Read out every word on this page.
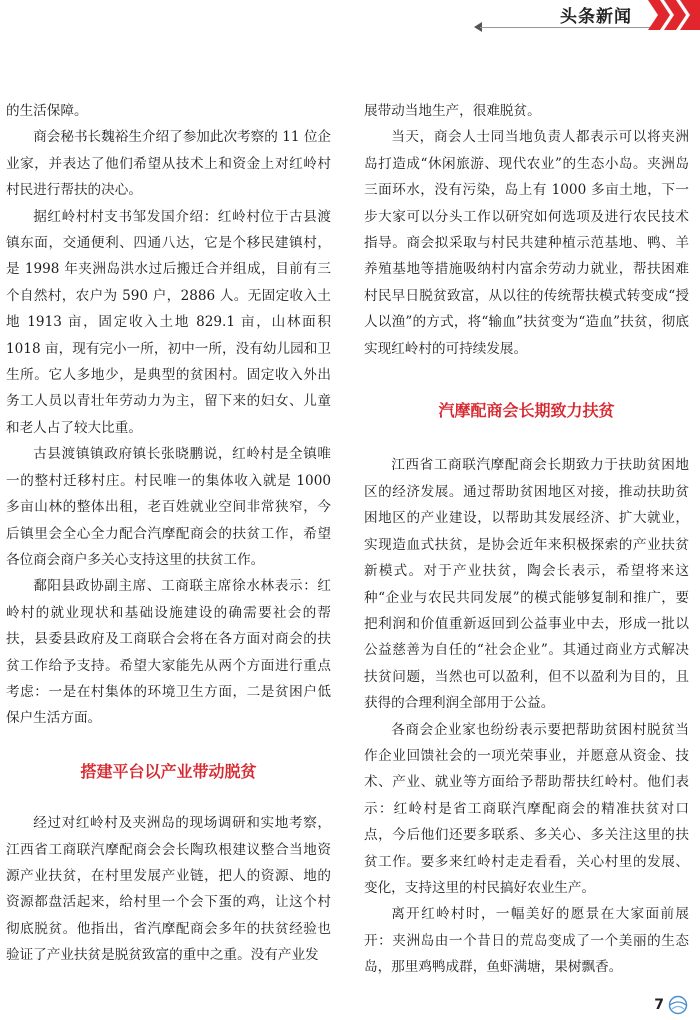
头条新闻

的生活保障。

商会秘书长魏裕生介绍了参加此次考察的 11 位企业家，并表达了他们希望从技术上和资金上对红岭村村民进行帮扶的决心。

据红岭村村支书邹发国介绍：红岭村位于古县渡镇东面，交通便利、四通八达，它是个移民建镇村，是 1998 年夹洲岛洪水过后搬迁合并组成，目前有三个自然村，农户为 590 户，2886 人。无固定收入土地 1913 亩，固定收入土地 829.1 亩，山林面积 1018 亩，现有完小一所，初中一所，没有幼儿园和卫生所。它人多地少，是典型的贫困村。固定收入外出务工人员以青壮年劳动力为主，留下来的妇女、儿童和老人占了较大比重。

古县渡镇镇政府镇长张晓鹏说，红岭村是全镇唯一的整村迁移村庄。村民唯一的集体收入就是 1000 多亩山林的整体出租，老百姓就业空间非常狭窄，今后镇里会全心全力配合汽摩配商会的扶贫工作，希望各位商会商户多关心支持这里的扶贫工作。

鄱阳县政协副主席、工商联主席徐水林表示：红岭村的就业现状和基础设施建设的确需要社会的帮扶，县委县政府及工商联合会将在各方面对商会的扶贫工作给予支持。希望大家能先从两个方面进行重点考虑：一是在村集体的环境卫生方面，二是贫困户低保户生活方面。

搭建平台以产业带动脱贫

经过对红岭村及夹洲岛的现场调研和实地考察，江西省工商联汽摩配商会会长陶玖根建议整合当地资源产业扶贫，在村里发展产业链，把人的资源、地的资源都盘活起来，给村里一个会下蛋的鸡，让这个村彻底脱贫。他指出，省汽摩配商会多年的扶贫经验也验证了产业扶贫是脱贫致富的重中之重。没有产业发

展带动当地生产，很难脱贫。

当天，商会人士同当地负责人都表示可以将夹洲岛打造成“休闲旅游、现代农业”的生态小岛。夹洲岛三面环水，没有污染，岛上有 1000 多亩土地，下一步大家可以分头工作以研究如何选项及进行农民技术指导。商会拟采取与村民共建种植示范基地、鸭、羊养殖基地等措施吸纳村内富余劳动力就业，帮扶困难村民早日脱贫致富，从以往的传统帮扶模式转变成“授人以渔”的方式，将“输血”扶贫变为“造血”扶贫，彻底实现红岭村的可持续发展。

汽摩配商会长期致力扶贫

江西省工商联汽摩配商会长期致力于扶助贫困地区的经济发展。通过帮助贫困地区对接，推动扶助贫困地区的产业建设，以帮助其发展经济、扩大就业，实现造血式扶贫，是协会近年来积极探索的产业扶贫新模式。对于产业扶贫，陶会长表示，希望将来这种“企业与农民共同发展”的模式能够复制和推广，要把利润和价值重新返回到公益事业中去，形成一批以公益慈善为自任的“社会企业”。其通过商业方式解决扶贫问题，当然也可以盈利，但不以盈利为目的，且获得的合理利润全部用于公益。

各商会企业家也纷纷表示要把帮助贫困村脱贫当作企业回馈社会的一项光荣事业，并愿意从资金、技术、产业、就业等方面给予帮助帮扶红岭村。他们表示：红岭村是省工商联汽摩配商会的精准扶贫对口点，今后他们还要多联系、多关心、多关注这里的扶贫工作。要多来红岭村走走看看，关心村里的发展、变化，支持这里的村民搞好农业生产。

离开红岭村时，一幅美好的愿景在大家面前展开：夹洲岛由一个昔日的荒岛变成了一个美丽的生态岛，那里鸡鸭成群，鱼虾满塘，果树飘香。

7
